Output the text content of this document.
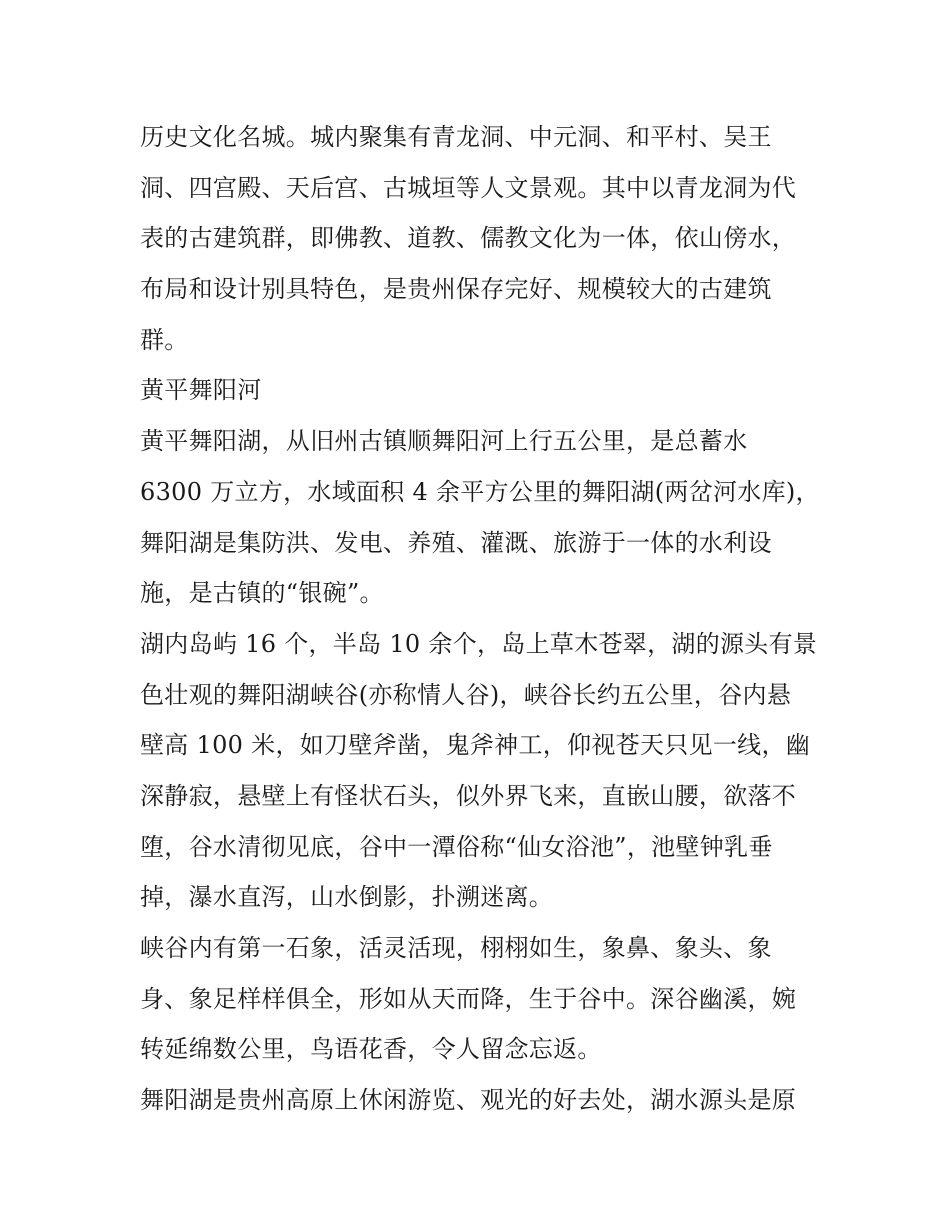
历史文化名城。城内聚集有青龙洞、中元洞、和平村、吴王
洞、四宫殿、天后宫、古城垣等人文景观。其中以青龙洞为代
表的古建筑群，即佛教、道教、儒教文化为一体，依山傍水，
布局和设计别具特色，是贵州保存完好、规模较大的古建筑
群。
黄平舞阳河
黄平舞阳湖，从旧州古镇顺舞阳河上行五公里，是总蓄水
6300 万立方，水域面积 4 余平方公里的舞阳湖(两岔河水库)，
舞阳湖是集防洪、发电、养殖、灌溉、旅游于一体的水利设
施，是古镇的“银碗”。
湖内岛屿 16 个，半岛 10 余个，岛上草木苍翠，湖的源头有景
色壮观的舞阳湖峡谷(亦称情人谷)，峡谷长约五公里，谷内悬
壁高 100 米，如刀壁斧凿，鬼斧神工，仰视苍天只见一线，幽
深静寂，悬壁上有怪状石头，似外界飞来，直嵌山腰，欲落不
堕，谷水清彻见底，谷中一潭俗称“仙女浴池”，池壁钟乳垂
掉，瀑水直泻，山水倒影，扑溯迷离。
峡谷内有第一石象，活灵活现，栩栩如生，象鼻、象头、象
身、象足样样俱全，形如从天而降，生于谷中。深谷幽溪，婉
转延绵数公里，鸟语花香，令人留念忘返。
舞阳湖是贵州高原上休闲游览、观光的好去处，湖水源头是原
